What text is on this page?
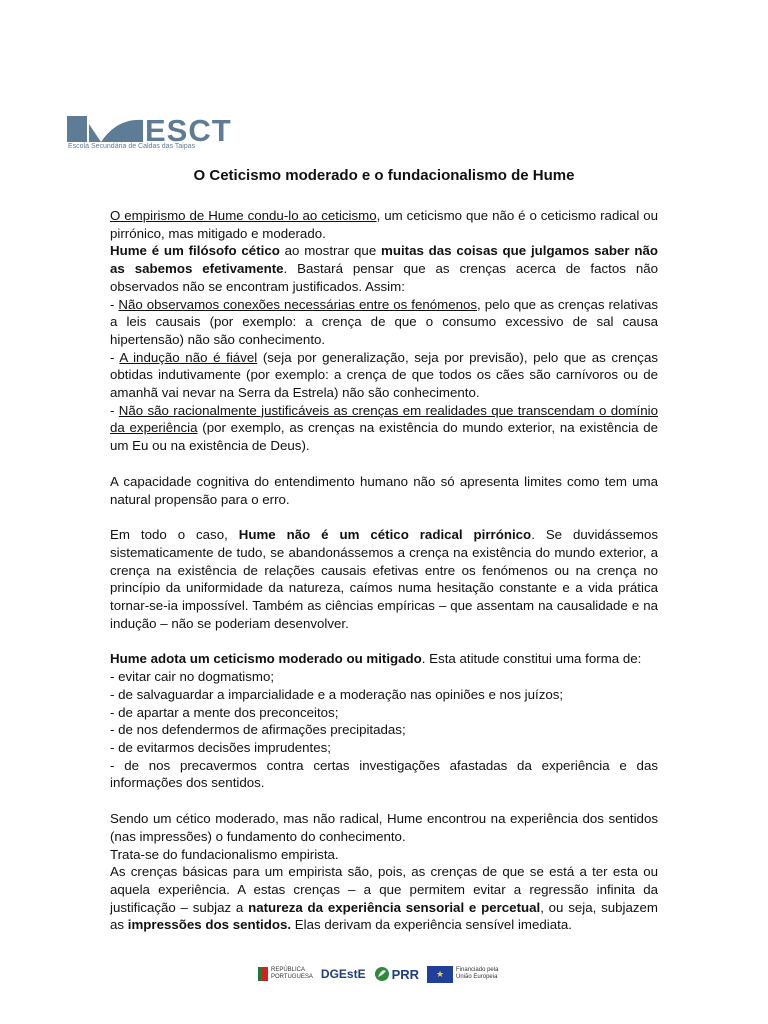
ESCT
Escola Secundária de Caldas das Taipas
O Ceticismo moderado e o fundacionalismo de Hume

O empirismo de Hume condu-lo ao ceticismo, um ceticismo que não é o ceticismo radical ou pirrónico, mas mitigado e moderado.

Hume é um filósofo cético ao mostrar que muitas das coisas que julgamos saber não as sabemos efetivamente. Bastará pensar que as crenças acerca de factos não observados não se encontram justificados. Assim:

- Não observamos conexões necessárias entre os fenómenos, pelo que as crenças relativas a leis causais (por exemplo: a crença de que o consumo excessivo de sal causa hipertensão) não são conhecimento.

- A indução não é fiável (seja por generalização, seja por previsão), pelo que as crenças obtidas indutivamente (por exemplo: a crença de que todos os cães são carnívoros ou de amanhã vai nevar na Serra da Estrela) não são conhecimento.

- Não são racionalmente justificáveis as crenças em realidades que transcendam o domínio da experiência (por exemplo, as crenças na existência do mundo exterior, na existência de um Eu ou na existência de Deus).

A capacidade cognitiva do entendimento humano não só apresenta limites como tem uma natural propensão para o erro.

Em todo o caso, Hume não é um cético radical pirrónico. Se duvidássemos sistematicamente de tudo, se abandonássemos a crença na existência do mundo exterior, a crença na existência de relações causais efetivas entre os fenómenos ou na crença no princípio da uniformidade da natureza, caímos numa hesitação constante e a vida prática tornar-se-ia impossível. Também as ciências empíricas – que assentam na causalidade e na indução – não se poderiam desenvolver.

Hume adota um ceticismo moderado ou mitigado. Esta atitude constitui uma forma de:

- evitar cair no dogmatismo;

- de salvaguardar a imparcialidade e a moderação nas opiniões e nos juízos;

- de apartar a mente dos preconceitos;

- de nos defendermos de afirmações precipitadas;

- de evitarmos decisões imprudentes;

- de nos precavermos contra certas investigações afastadas da experiência e das informações dos sentidos.

Sendo um cético moderado, mas não radical, Hume encontrou na experiência dos sentidos (nas impressões) o fundamento do conhecimento.

Trata-se do fundacionalismo empirista.

As crenças básicas para um empirista são, pois, as crenças de que se está a ter esta ou aquela experiência. A estas crenças – a que permitem evitar a regressão infinita da justificação – subjaz a natureza da experiência sensorial e percetual, ou seja, subjazem as impressões dos sentidos. Elas derivam da experiência sensível imediata.

REPÚBLICA
PORTUGUESA DGEstE PRR	★	Financiado pela
União Europeia
